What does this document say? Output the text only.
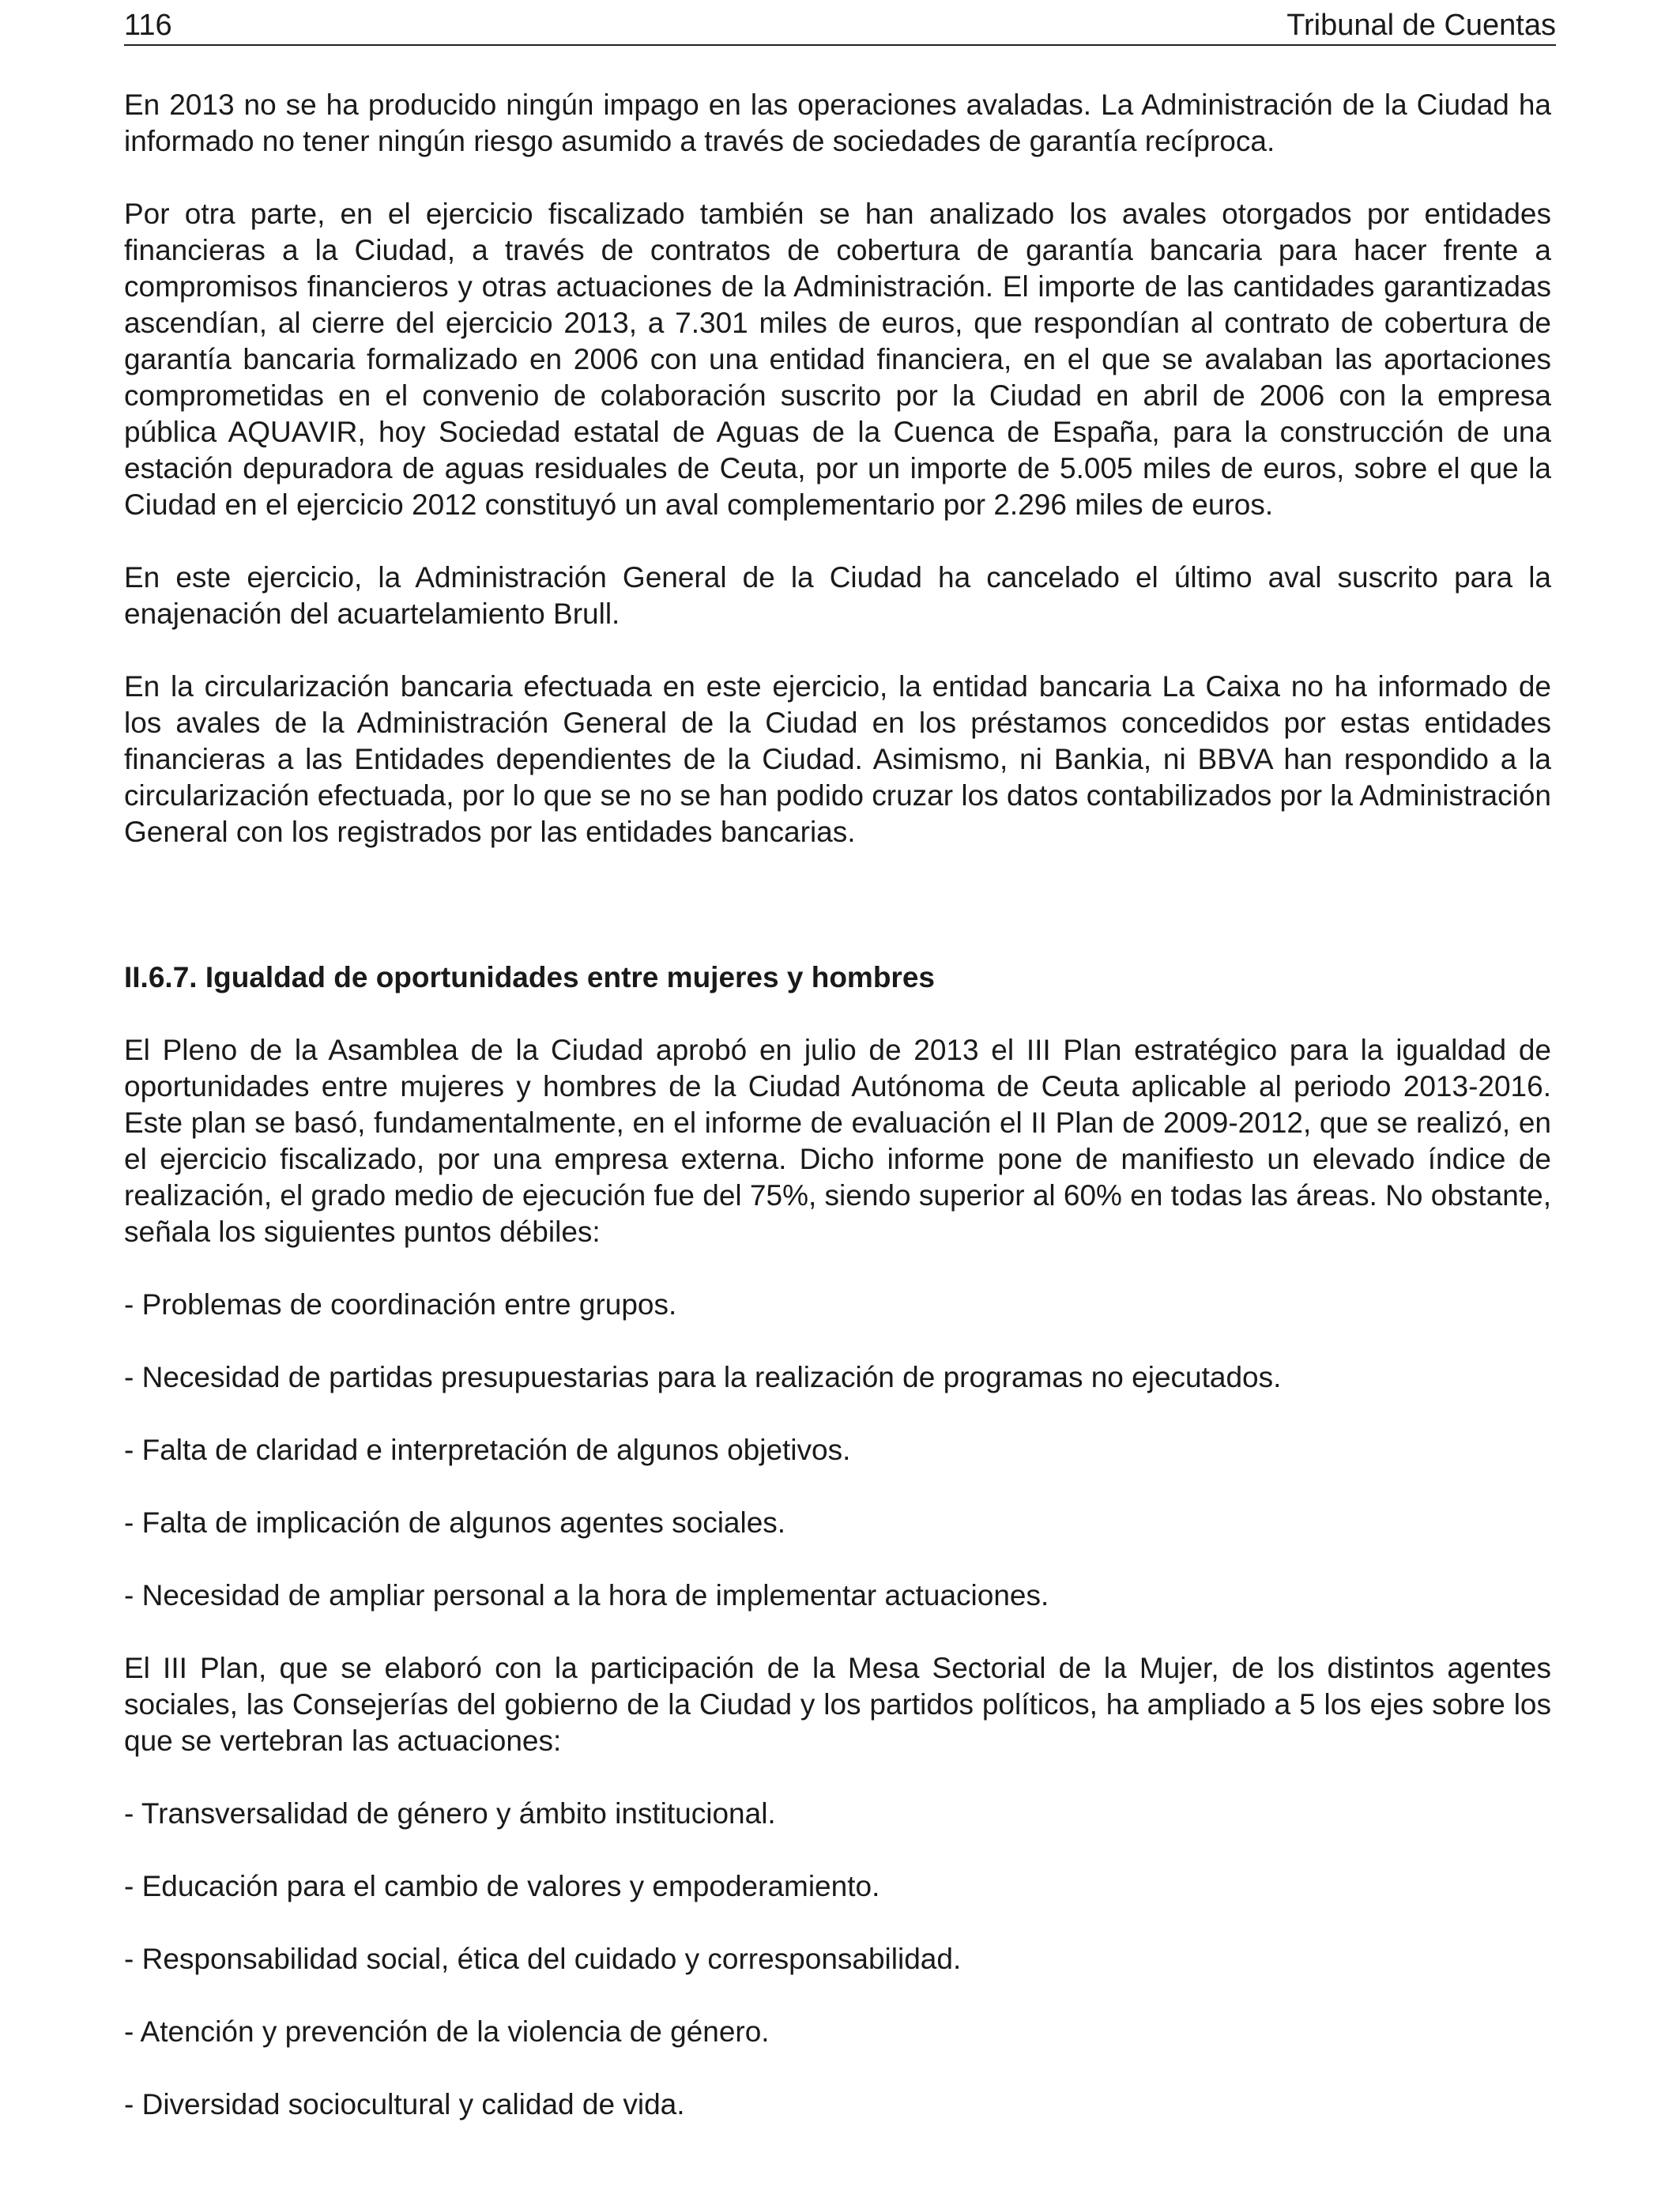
116	Tribunal de Cuentas

En 2013 no se ha producido ningún impago en las operaciones avaladas. La Administración de la Ciudad ha informado no tener ningún riesgo asumido a través de sociedades de garantía recíproca.

Por otra parte, en el ejercicio fiscalizado también se han analizado los avales otorgados por entidades financieras a la Ciudad, a través de contratos de cobertura de garantía bancaria para hacer frente a compromisos financieros y otras actuaciones de la Administración. El importe de las cantidades garantizadas ascendían, al cierre del ejercicio 2013, a 7.301 miles de euros, que respondían al contrato de cobertura de garantía bancaria formalizado en 2006 con una entidad financiera, en el que se avalaban las aportaciones comprometidas en el convenio de colaboración suscrito por la Ciudad en abril de 2006 con la empresa pública AQUAVIR, hoy Sociedad estatal de Aguas de la Cuenca de España, para la construcción de una estación depuradora de aguas residuales de Ceuta, por un importe de 5.005 miles de euros, sobre el que la Ciudad en el ejercicio 2012 constituyó un aval complementario por 2.296 miles de euros.

En este ejercicio, la Administración General de la Ciudad ha cancelado el último aval suscrito para la enajenación del acuartelamiento Brull.

En la circularización bancaria efectuada en este ejercicio, la entidad bancaria La Caixa no ha informado de los avales de la Administración General de la Ciudad en los préstamos concedidos por estas entidades financieras a las Entidades dependientes de la Ciudad. Asimismo, ni Bankia, ni BBVA han respondido a la circularización efectuada, por lo que se no se han podido cruzar los datos contabilizados por la Administración General con los registrados por las entidades bancarias.

II.6.7. Igualdad de oportunidades entre mujeres y hombres

El Pleno de la Asamblea de la Ciudad aprobó en julio de 2013 el III Plan estratégico para la igualdad de oportunidades entre mujeres y hombres de la Ciudad Autónoma de Ceuta aplicable al periodo 2013-2016. Este plan se basó, fundamentalmente, en el informe de evaluación el II Plan de 2009-2012, que se realizó, en el ejercicio fiscalizado, por una empresa externa. Dicho informe pone de manifiesto un elevado índice de realización, el grado medio de ejecución fue del 75%, siendo superior al 60% en todas las áreas. No obstante, señala los siguientes puntos débiles:

- Problemas de coordinación entre grupos.

- Necesidad de partidas presupuestarias para la realización de programas no ejecutados.

- Falta de claridad e interpretación de algunos objetivos.

- Falta de implicación de algunos agentes sociales.

- Necesidad de ampliar personal a la hora de implementar actuaciones.

El III Plan, que se elaboró con la participación de la Mesa Sectorial de la Mujer, de los distintos agentes sociales, las Consejerías del gobierno de la Ciudad y los partidos políticos, ha ampliado a 5 los ejes sobre los que se vertebran las actuaciones:

- Transversalidad de género y ámbito institucional.

- Educación para el cambio de valores y empoderamiento.

- Responsabilidad social, ética del cuidado y corresponsabilidad.

- Atención y prevención de la violencia de género.

- Diversidad sociocultural y calidad de vida.
